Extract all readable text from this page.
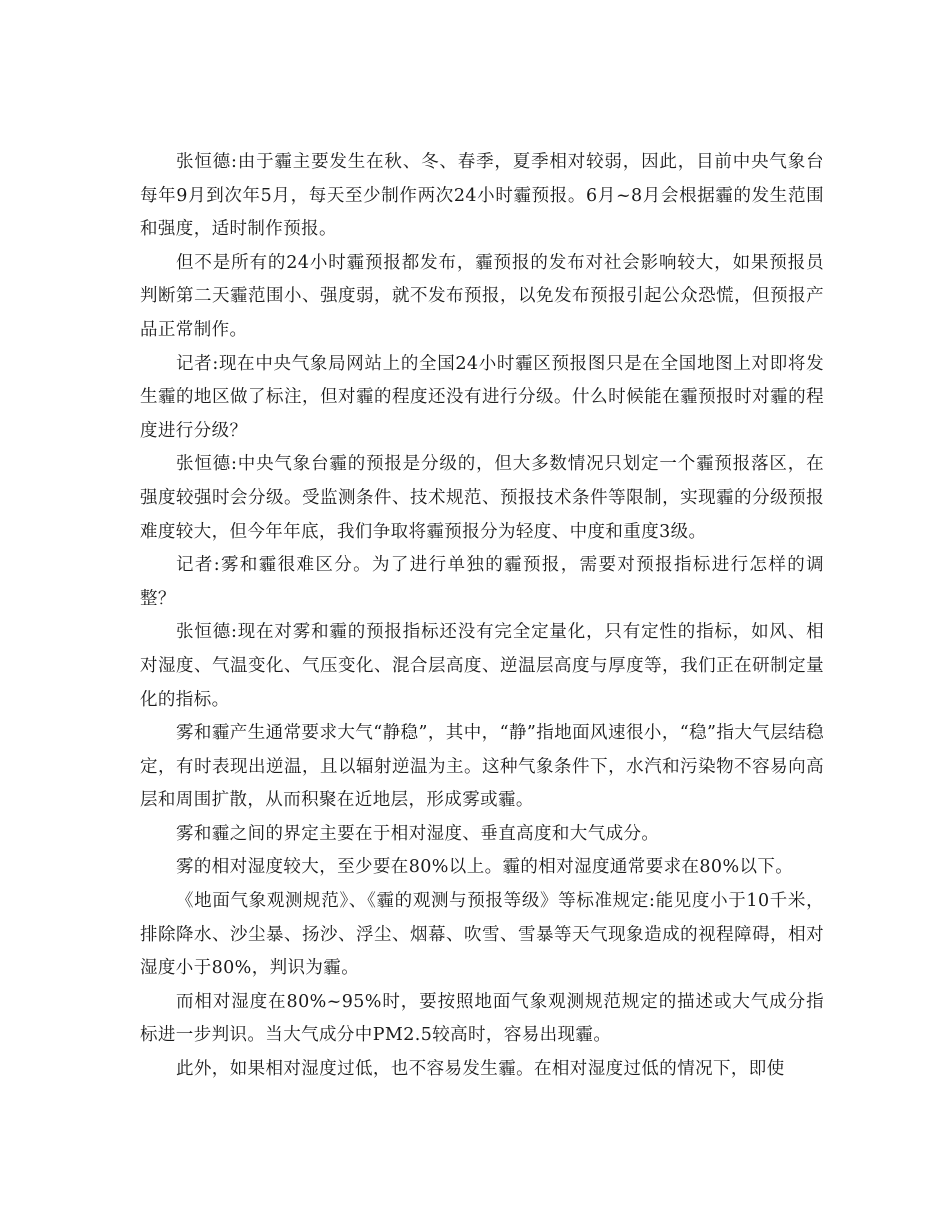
张恒德:由于霾主要发生在秋、冬、春季，夏季相对较弱，因此，目前中央气象台每年9月到次年5月，每天至少制作两次24小时霾预报。6月~8月会根据霾的发生范围和强度，适时制作预报。

但不是所有的24小时霾预报都发布，霾预报的发布对社会影响较大，如果预报员判断第二天霾范围小、强度弱，就不发布预报，以免发布预报引起公众恐慌，但预报产品正常制作。

记者:现在中央气象局网站上的全国24小时霾区预报图只是在全国地图上对即将发生霾的地区做了标注，但对霾的程度还没有进行分级。什么时候能在霾预报时对霾的程度进行分级？

张恒德:中央气象台霾的预报是分级的，但大多数情况只划定一个霾预报落区，在强度较强时会分级。受监测条件、技术规范、预报技术条件等限制，实现霾的分级预报难度较大，但今年年底，我们争取将霾预报分为轻度、中度和重度3级。

记者:雾和霾很难区分。为了进行单独的霾预报，需要对预报指标进行怎样的调整？

张恒德:现在对雾和霾的预报指标还没有完全定量化，只有定性的指标，如风、相对湿度、气温变化、气压变化、混合层高度、逆温层高度与厚度等，我们正在研制定量化的指标。

雾和霾产生通常要求大气“静稳”，其中，“静”指地面风速很小，“稳”指大气层结稳定，有时表现出逆温，且以辐射逆温为主。这种气象条件下，水汽和污染物不容易向高层和周围扩散，从而积聚在近地层，形成雾或霾。

雾和霾之间的界定主要在于相对湿度、垂直高度和大气成分。

雾的相对湿度较大，至少要在80%以上。霾的相对湿度通常要求在80%以下。

《地面气象观测规范》、《霾的观测与预报等级》等标准规定:能见度小于10千米，排除降水、沙尘暴、扬沙、浮尘、烟幕、吹雪、雪暴等天气现象造成的视程障碍，相对湿度小于80%，判识为霾。

而相对湿度在80%~95%时，要按照地面气象观测规范规定的描述或大气成分指标进一步判识。当大气成分中PM2.5较高时，容易出现霾。

此外，如果相对湿度过低，也不容易发生霾。在相对湿度过低的情况下，即使
